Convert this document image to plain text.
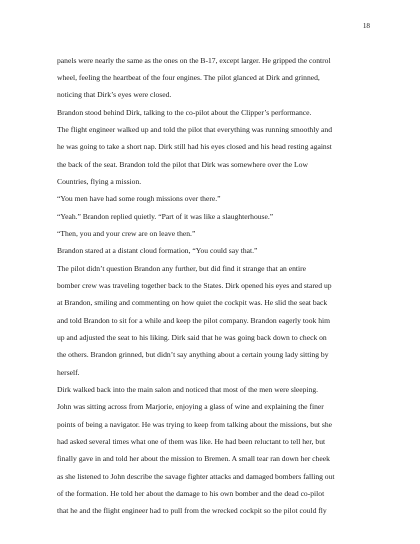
18
panels were nearly the same as the ones on the B-17, except larger. He gripped the control
wheel, feeling the heartbeat of the four engines. The pilot glanced at Dirk and grinned,
noticing that Dirk’s eyes were closed.
Brandon stood behind Dirk, talking to the co-pilot about the Clipper’s performance.
The flight engineer walked up and told the pilot that everything was running smoothly and
he was going to take a short nap. Dirk still had his eyes closed and his head resting against
the back of the seat. Brandon told the pilot that Dirk was somewhere over the Low
Countries, flying a mission.
“You men have had some rough missions over there.”
“Yeah.” Brandon replied quietly. “Part of it was like a slaughterhouse.”
“Then, you and your crew are on leave then.”
Brandon stared at a distant cloud formation, “You could say that.”
The pilot didn’t question Brandon any further, but did find it strange that an entire
bomber crew was traveling together back to the States. Dirk opened his eyes and stared up
at Brandon, smiling and commenting on how quiet the cockpit was. He slid the seat back
and told Brandon to sit for a while and keep the pilot company. Brandon eagerly took him
up and adjusted the seat to his liking. Dirk said that he was going back down to check on
the others. Brandon grinned, but didn’t say anything about a certain young lady sitting by
herself.
Dirk walked back into the main salon and noticed that most of the men were sleeping.
John was sitting across from Marjorie, enjoying a glass of wine and explaining the finer
points of being a navigator. He was trying to keep from talking about the missions, but she
had asked several times what one of them was like. He had been reluctant to tell her, but
finally gave in and told her about the mission to Bremen. A small tear ran down her cheek
as she listened to John describe the savage fighter attacks and damaged bombers falling out
of the formation. He told her about the damage to his own bomber and the dead co-pilot
that he and the flight engineer had to pull from the wrecked cockpit so the pilot could fly
